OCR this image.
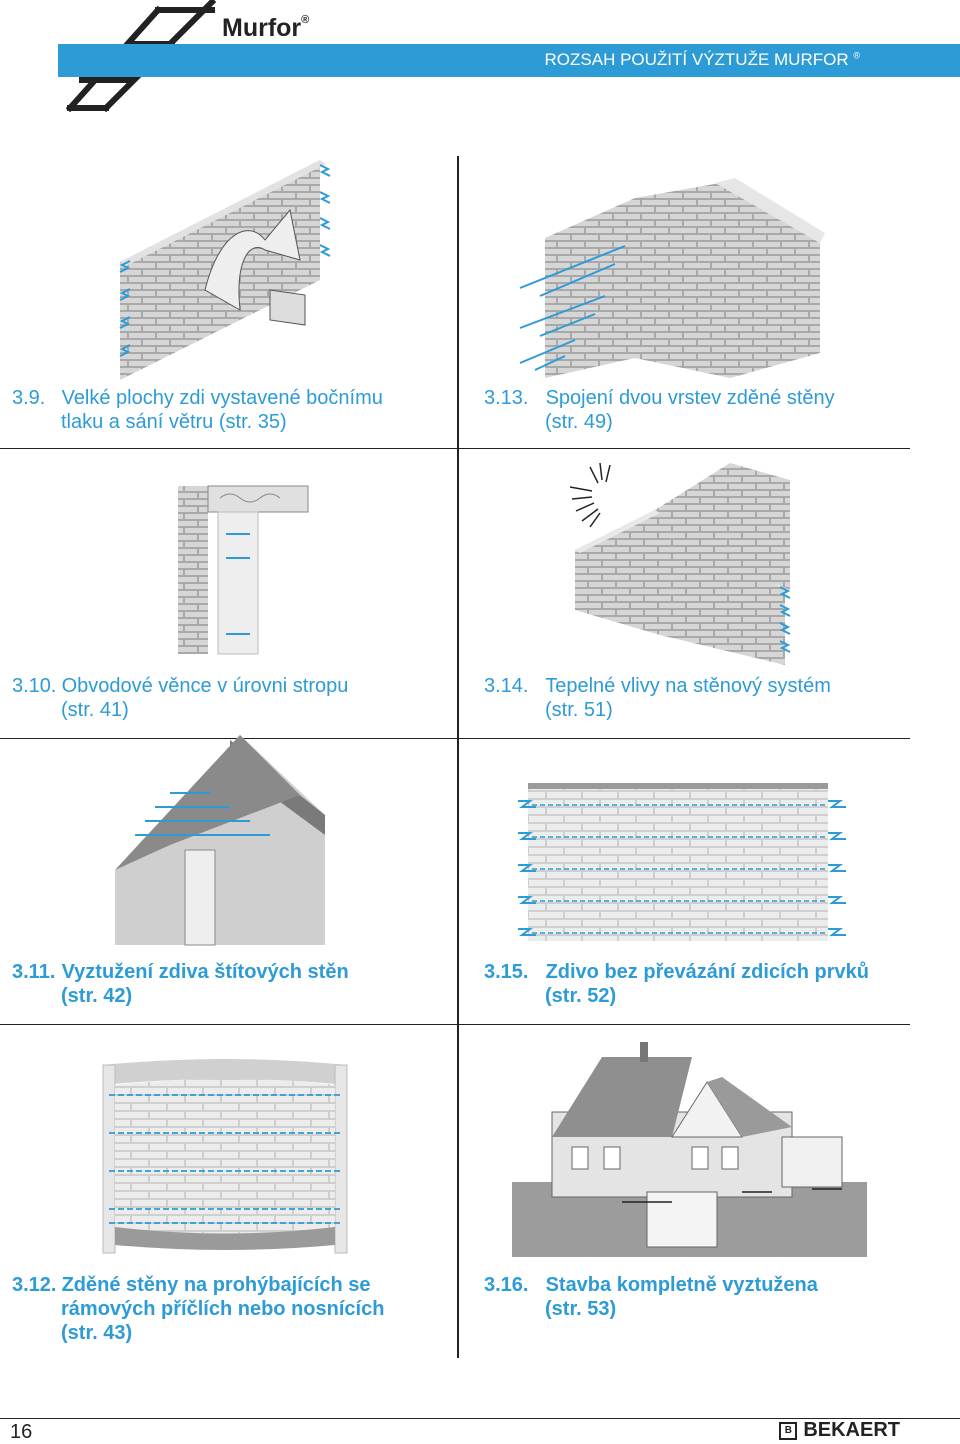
Murfor®
ROZSAH POUŽITÍ VÝZTUŽE MURFOR ®
3.9. Velké plochy zdi vystavené bočnímu
tlaku a sání větru (str. 35)
3.13. Spojení dvou vrstev zděné stěny
(str. 49)
3.10. Obvodové věnce v úrovni stropu
(str. 41)
3.14. Tepelné vlivy na stěnový systém
(str. 51)
3.11. Vyztužení zdiva štítových stěn
(str. 42)
3.15. Zdivo bez převázání zdicích prvků
(str. 52)
3.12. Zděné stěny na prohýbajících se
rámových příčlích nebo nosnících
(str. 43)
3.16. Stavba kompletně vyztužena
(str. 53)
16	B BEKAERT
